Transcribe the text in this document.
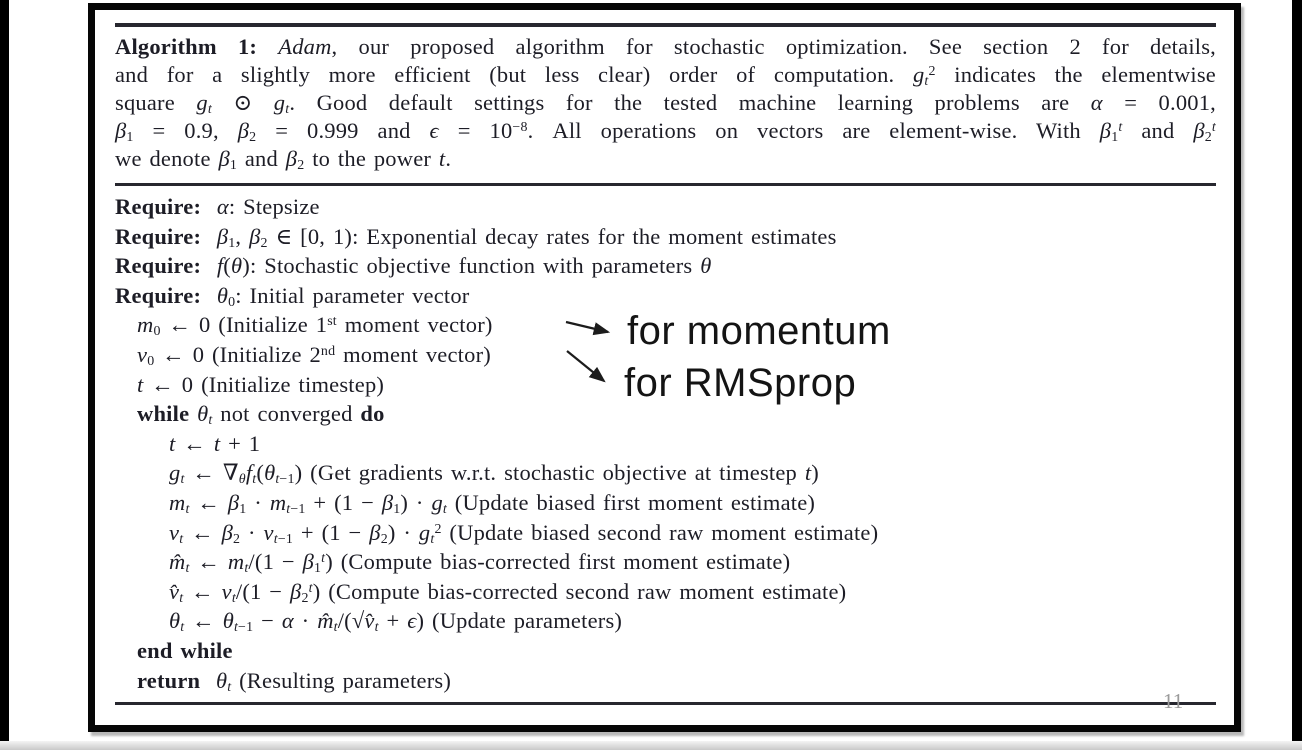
Algorithm 1: Adam, our proposed algorithm for stochastic optimization. See section 2 for details,
and for a slightly more efficient (but less clear) order of computation. $g_t^2$ indicates the elementwise
square $g_t$ ⊙ $g_t$. Good default settings for the tested machine learning problems are α = 0.001,
$\beta_1 = 0.9$, $\beta_2 = 0.999$ and $\epsilon = 10^{-8}$. All operations on vectors are element-wise. With $\beta_1^t$ and $\beta_2^t$
we denote $\beta_1$ and $\beta_2$ to the power t.
Require: α: Stepsize
Require: $\beta_1$, $\beta_2$ ∈ [0, 1): Exponential decay rates for the moment estimates
Require: f(θ): Stochastic objective function with parameters θ
Require: $\theta_0$: Initial parameter vector
$m_0$ ← 0 (Initialize 1st moment vector)
$v_0$ ← 0 (Initialize 2nd moment vector)
t ← 0 (Initialize timestep)
while $\theta_t$ not converged do
t ← t + 1
$g_t$ ← $\nabla_\theta f_t(\theta_{t-1})$ (Get gradients w.r.t. stochastic objective at timestep t)
$m_t$ ← $\beta_1 \cdot m_{t-1} + (1 - \beta_1) \cdot g_t$ (Update biased first moment estimate)
$v_t$ ← $\beta_2 \cdot v_{t-1} + (1 - \beta_2) \cdot g_t^2$ (Update biased second raw moment estimate)
$m̂_t$ ← $m_t/(1 - \beta_1^t)$ (Compute bias-corrected first moment estimate)
$v̂_t$ ← $v_t/(1 - \beta_2^t)$ (Compute bias-corrected second raw moment estimate)
$\theta_t$ ← $\theta_{t-1} - \alpha$ · $m̂_t/(√v̂_t + \epsilon)$ (Update parameters)
end while
return $\theta_t$ (Resulting parameters)
for momentum
for RMSprop
11
